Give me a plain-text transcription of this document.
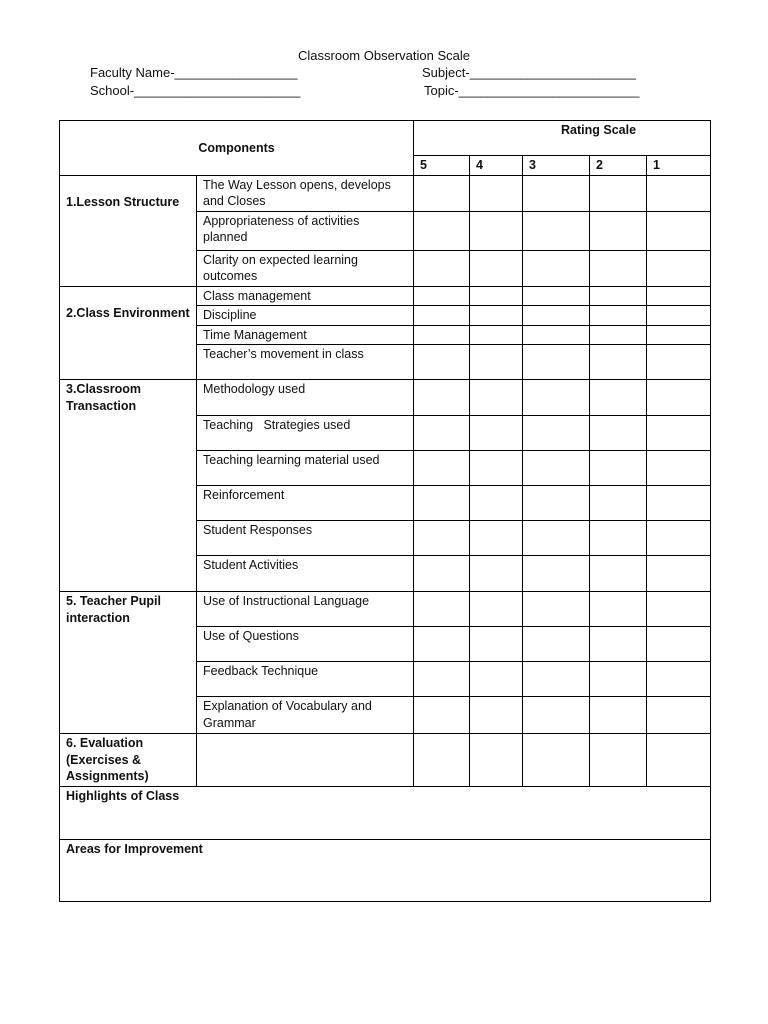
Classroom Observation Scale
Faculty Name-_________________
School-_______________________
Subject-_______________________
Topic-_________________________
Components		Rating Scale				
		5	4	3	2	1
1.Lesson Structure	The Way Lesson opens, develops and Closes					
	Appropriateness of activities planned					
	Clarity on expected learning outcomes					
2.Class Environment	Class management					
	Discipline					
	Time Management					
	Teacher’s movement in class					
3.Classroom Transaction	Methodology used					
	Teaching   Strategies used					
	Teaching learning material used					
	Reinforcement					
	Student Responses					
	Student Activities					
5. Teacher Pupil interaction	Use of Instructional Language					
	Use of Questions					
	Feedback Technique					
	Explanation of Vocabulary and Grammar					
6. Evaluation
(Exercises & Assignments)						
Highlights of Class						
Areas for Improvement						
